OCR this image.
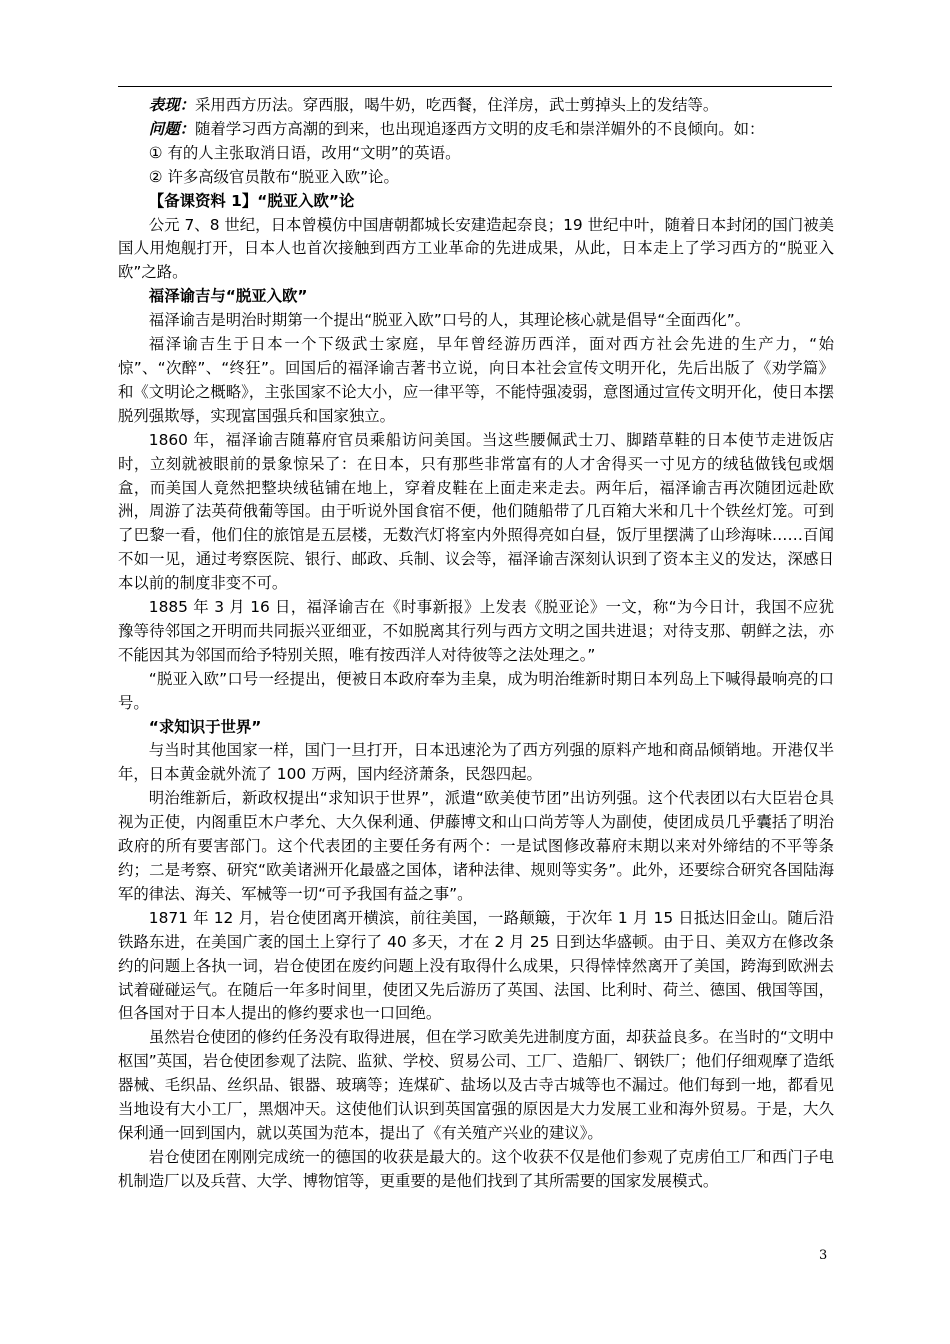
表现：采用西方历法。穿西服，喝牛奶，吃西餐，住洋房，武士剪掉头上的发结等。

问题：随着学习西方高潮的到来，也出现追逐西方文明的皮毛和崇洋媚外的不良倾向。如：

① 有的人主张取消日语，改用“文明”的英语。

② 许多高级官员散布“脱亚入欧”论。

【备课资料 1】“脱亚入欧”论

公元 7、8 世纪，日本曾模仿中国唐朝都城长安建造起奈良；19 世纪中叶，随着日本封闭的国门被美国人用炮舰打开，日本人也首次接触到西方工业革命的先进成果，从此，日本走上了学习西方的“脱亚入欧”之路。

福泽谕吉与“脱亚入欧”

福泽谕吉是明治时期第一个提出“脱亚入欧”口号的人，其理论核心就是倡导“全面西化”。

福泽谕吉生于日本一个下级武士家庭，早年曾经游历西洋，面对西方社会先进的生产力，“始惊”、“次醉”、“终狂”。回国后的福泽谕吉著书立说，向日本社会宣传文明开化，先后出版了《劝学篇》和《文明论之概略》，主张国家不论大小，应一律平等，不能恃强凌弱，意图通过宣传文明开化，使日本摆脱列强欺辱，实现富国强兵和国家独立。

1860 年，福泽谕吉随幕府官员乘船访问美国。当这些腰佩武士刀、脚踏草鞋的日本使节走进饭店时，立刻就被眼前的景象惊呆了：在日本，只有那些非常富有的人才舍得买一寸见方的绒毡做钱包或烟盒，而美国人竟然把整块绒毡铺在地上，穿着皮鞋在上面走来走去。两年后，福泽谕吉再次随团远赴欧洲，周游了法英荷俄葡等国。由于听说外国食宿不便，他们随船带了几百箱大米和几十个铁丝灯笼。可到了巴黎一看，他们住的旅馆是五层楼，无数汽灯将室内外照得亮如白昼，饭厅里摆满了山珍海味……百闻不如一见，通过考察医院、银行、邮政、兵制、议会等，福泽谕吉深刻认识到了资本主义的发达，深感日本以前的制度非变不可。

1885 年 3 月 16 日，福泽谕吉在《时事新报》上发表《脱亚论》一文，称“为今日计，我国不应犹豫等待邻国之开明而共同振兴亚细亚，不如脱离其行列与西方文明之国共进退；对待支那、朝鲜之法，亦不能因其为邻国而给予特别关照，唯有按西洋人对待彼等之法处理之。”

“脱亚入欧”口号一经提出，便被日本政府奉为圭臬，成为明治维新时期日本列岛上下喊得最响亮的口号。

“求知识于世界”

与当时其他国家一样，国门一旦打开，日本迅速沦为了西方列强的原料产地和商品倾销地。开港仅半年，日本黄金就外流了 100 万两，国内经济萧条，民怨四起。

明治维新后，新政权提出“求知识于世界”，派遣“欧美使节团”出访列强。这个代表团以右大臣岩仓具视为正使，内阁重臣木户孝允、大久保利通、伊藤博文和山口尚芳等人为副使，使团成员几乎囊括了明治政府的所有要害部门。这个代表团的主要任务有两个：一是试图修改幕府末期以来对外缔结的不平等条约；二是考察、研究“欧美诸洲开化最盛之国体，诸种法律、规则等实务”。此外，还要综合研究各国陆海军的律法、海关、军械等一切“可予我国有益之事”。

1871 年 12 月，岩仓使团离开横滨，前往美国，一路颠簸，于次年 1 月 15 日抵达旧金山。随后沿铁路东进，在美国广袤的国土上穿行了 40 多天，才在 2 月 25 日到达华盛顿。由于日、美双方在修改条约的问题上各执一词，岩仓使团在废约问题上没有取得什么成果，只得悻悻然离开了美国，跨海到欧洲去试着碰碰运气。在随后一年多时间里，使团又先后游历了英国、法国、比利时、荷兰、德国、俄国等国，但各国对于日本人提出的修约要求也一口回绝。

虽然岩仓使团的修约任务没有取得进展，但在学习欧美先进制度方面，却获益良多。在当时的“文明中枢国”英国，岩仓使团参观了法院、监狱、学校、贸易公司、工厂、造船厂、钢铁厂；他们仔细观摩了造纸器械、毛织品、丝织品、银器、玻璃等；连煤矿、盐场以及古寺古城等也不漏过。他们每到一地，都看见当地设有大小工厂，黑烟冲天。这使他们认识到英国富强的原因是大力发展工业和海外贸易。于是，大久保利通一回到国内，就以英国为范本，提出了《有关殖产兴业的建议》。

岩仓使团在刚刚完成统一的德国的收获是最大的。这个收获不仅是他们参观了克虏伯工厂和西门子电机制造厂以及兵营、大学、博物馆等，更重要的是他们找到了其所需要的国家发展模式。

3
